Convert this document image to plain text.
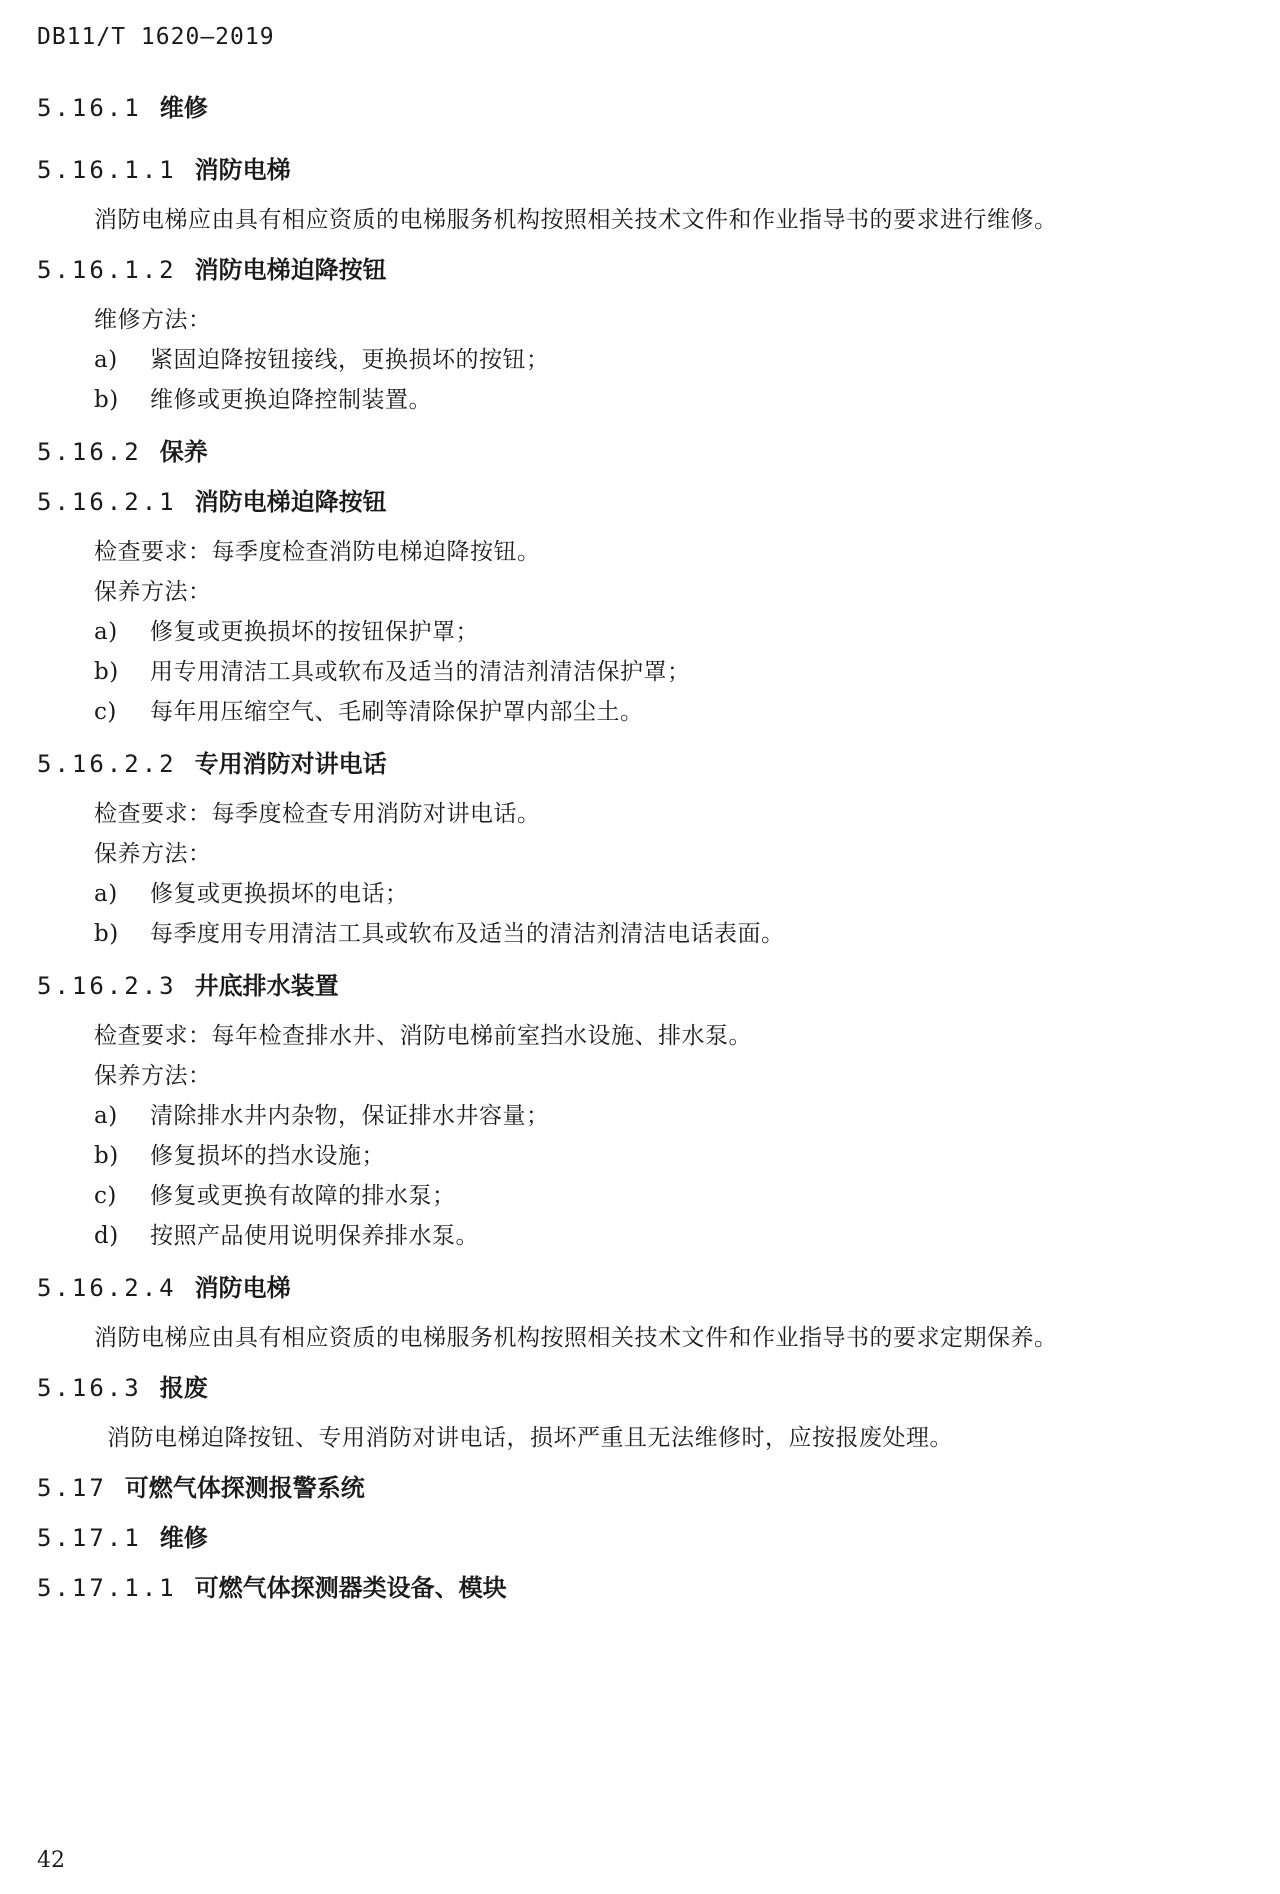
DB11/T 1620—2019
5.16.1 维修
5.16.1.1 消防电梯
消防电梯应由具有相应资质的电梯服务机构按照相关技术文件和作业指导书的要求进行维修。
5.16.1.2 消防电梯迫降按钮
维修方法：
a) 紧固迫降按钮接线，更换损坏的按钮；
b) 维修或更换迫降控制装置。
5.16.2 保养
5.16.2.1 消防电梯迫降按钮
检查要求：每季度检查消防电梯迫降按钮。
保养方法：
a) 修复或更换损坏的按钮保护罩；
b) 用专用清洁工具或软布及适当的清洁剂清洁保护罩；
c) 每年用压缩空气、毛刷等清除保护罩内部尘土。
5.16.2.2 专用消防对讲电话
检查要求：每季度检查专用消防对讲电话。
保养方法：
a) 修复或更换损坏的电话；
b) 每季度用专用清洁工具或软布及适当的清洁剂清洁电话表面。
5.16.2.3 井底排水装置
检查要求：每年检查排水井、消防电梯前室挡水设施、排水泵。
保养方法：
a) 清除排水井内杂物，保证排水井容量；
b) 修复损坏的挡水设施；
c) 修复或更换有故障的排水泵；
d) 按照产品使用说明保养排水泵。
5.16.2.4 消防电梯
消防电梯应由具有相应资质的电梯服务机构按照相关技术文件和作业指导书的要求定期保养。
5.16.3 报废
消防电梯迫降按钮、专用消防对讲电话，损坏严重且无法维修时，应按报废处理。
5.17 可燃气体探测报警系统
5.17.1 维修
5.17.1.1 可燃气体探测器类设备、模块
42
